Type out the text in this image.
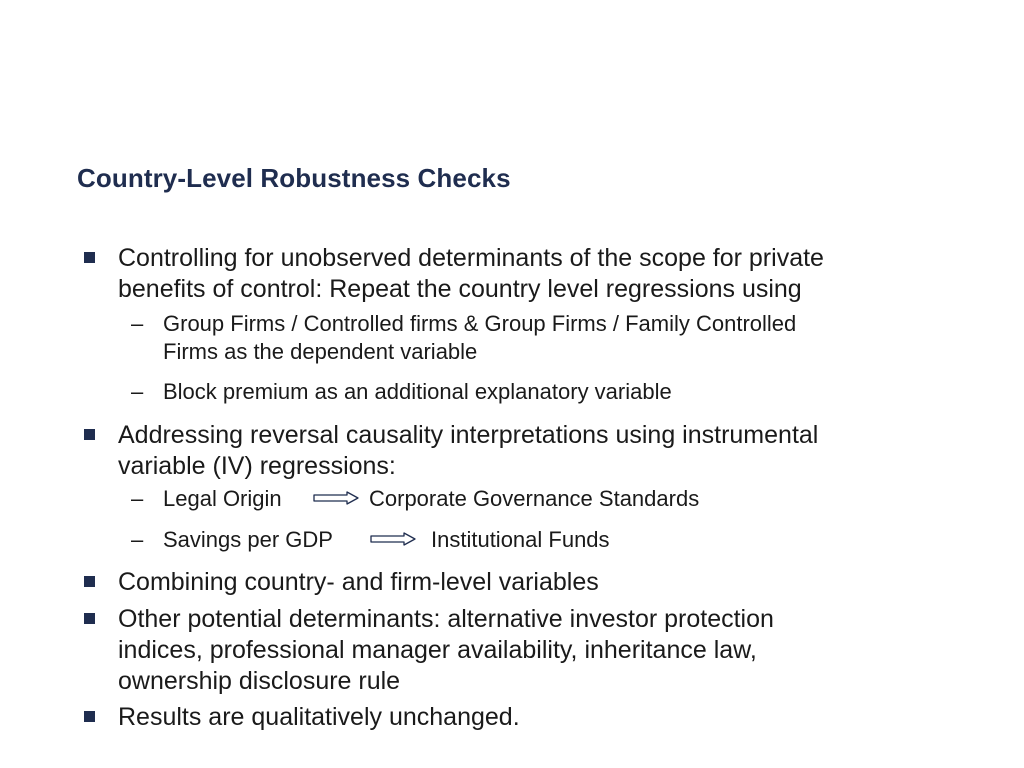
Country-Level Robustness Checks
Controlling for unobserved determinants of the scope for private
benefits of control: Repeat the country level regressions using
– Group Firms / Controlled firms & Group Firms / Family Controlled
Firms as the dependent variable
– Block premium as an additional explanatory variable
Addressing reversal causality interpretations using instrumental
variable (IV) regressions:
– Legal Origin	Corporate Governance Standards
– Savings per GDP	Institutional Funds
Combining country- and firm-level variables
Other potential determinants: alternative investor protection
indices, professional manager availability, inheritance law,
ownership disclosure rule
Results are qualitatively unchanged.
